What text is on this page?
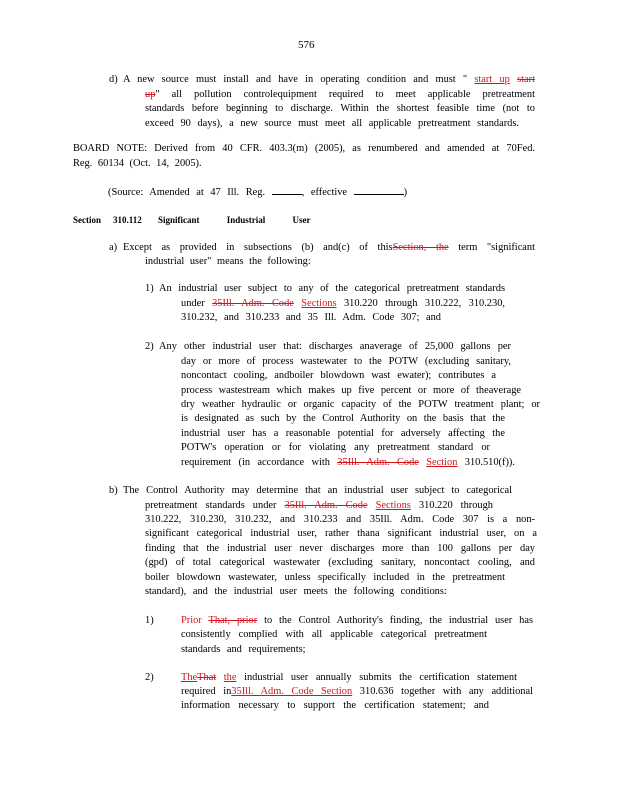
576
d) A new source must install and have in operating condition and must " start up start
up" all pollution controlequipment required to meet applicable pretreatment
standards before beginning to discharge. Within the shortest feasible time (not to
exceed 90 days), a new source must meet all applicable pretreatment standards.
BOARD NOTE: Derived from 40 CFR. 403.3(m) (2005), as renumbered and amended at 70Fed.
Reg. 60134 (Oct. 14, 2005).
(Source: Amended at 47 Ill. Reg.	, effective	)
Section 310.112 Significant Industrial User
a) Except as provided in subsections (b) and(c) of thisSection, the term "significant
industrial user" means the following:
1) An industrial user subject to any of the categorical pretreatment standards
under 35Ill. Adm. Code Sections 310.220 through 310.222, 310.230,
310.232, and 310.233 and 35 Ill. Adm. Code 307; and
2) Any other industrial user that: discharges anaverage of 25,000 gallons per
day or more of process wastewater to the POTW (excluding sanitary,
noncontact cooling, andboiler blowdown wast ewater); contributes a
process wastestream which makes up five percent or more of theaverage
dry weather hydraulic or organic capacity of the POTW treatment plant; or
is designated as such by the Control Authority on the basis that the
industrial user has a reasonable potential for adversely affecting the
POTW's operation or for violating any pretreatment standard or
requirement (in accordance with 35Ill. Adm. Code Section 310.510(f)).
b) The Control Authority may determine that an industrial user subject to categorical
pretreatment standards under 35Ill. Adm. Code Sections 310.220 through
310.222, 310.230, 310.232, and 310.233 and 35Ill. Adm. Code 307 is a non-
significant categorical industrial user, rather thana significant industrial user, on a
finding that the industrial user never discharges more than 100 gallons per day
(gpd) of total categorical wastewater (excluding sanitary, noncontact cooling, and
boiler blowdown wastewater, unless specifically included in the pretreatment
standard), and the industrial user meets the following conditions:
1)	Prior That, prior to the Control Authority's finding, the industrial user has
consistently complied with all applicable categorical pretreatment
standards and requirements;
2)	TheThat the industrial user annually submits the certification statement
required in35Ill. Adm. Code Section 310.636 together with any additional
information necessary to support the certification statement; and
